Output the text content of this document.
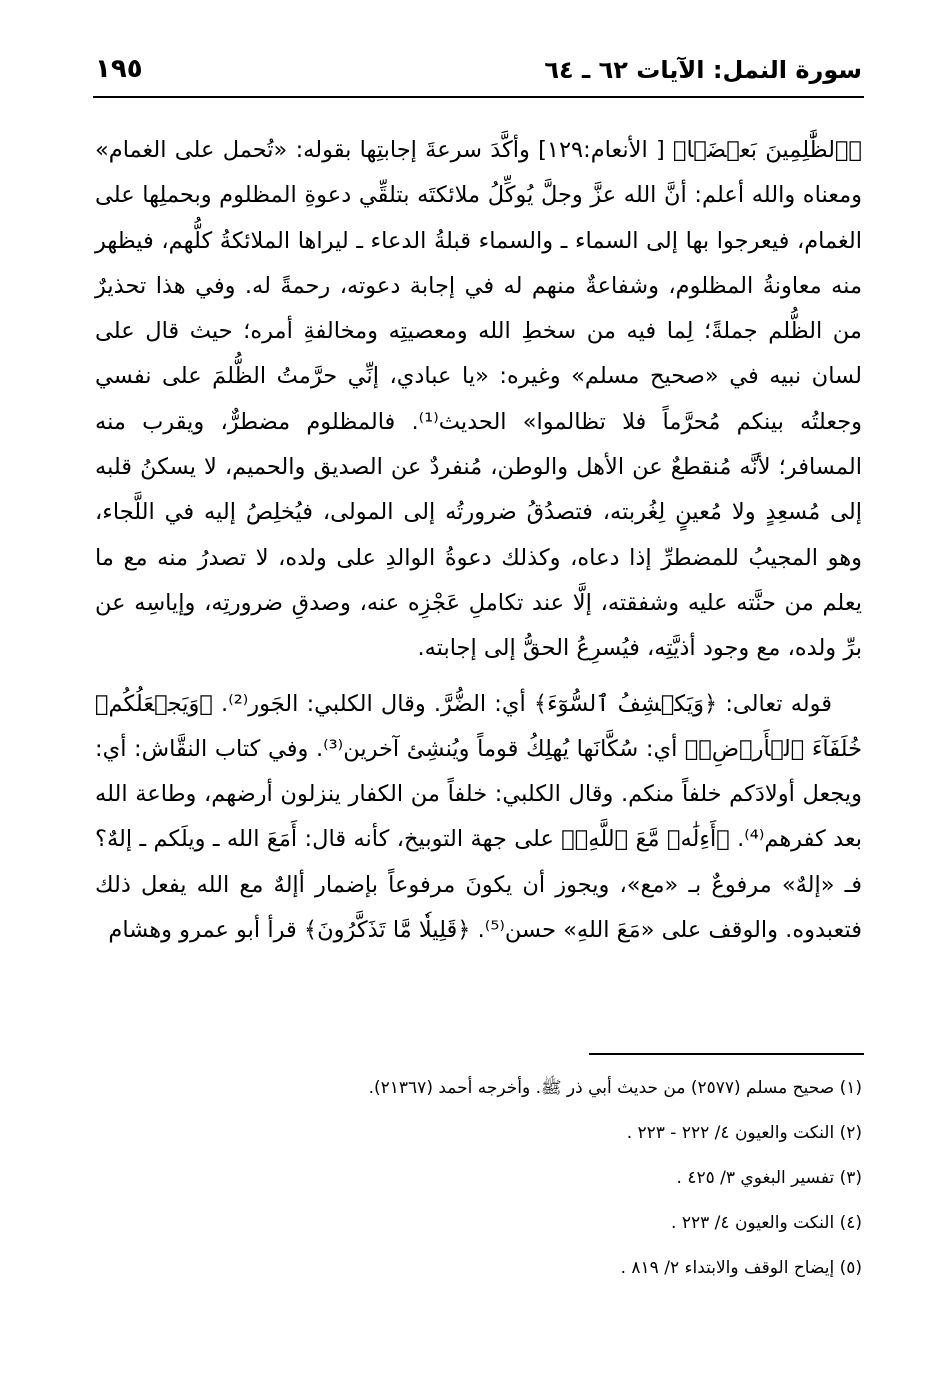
سورة النمل: الآيات ٦٢ ـ ٦٤
١٩٥

﴿ٱلظَّٰلِمِينَ بَعۡضَۢا﴾ [ الأنعام:١٢٩] وأكَّدَ سرعةَ إجابتِها بقوله: «تُحمل على الغمام» ومعناه والله أعلم: أنَّ الله عزَّ وجلَّ يُوكِّلُ ملائكتَه بتلقِّي دعوةِ المظلوم وبحملِها على الغمام، فيعرجوا بها إلى السماء ـ والسماء قبلةُ الدعاء ـ ليراها الملائكةُ كلُّهم، فيظهر منه معاونةُ المظلوم، وشفاعةٌ منهم له في إجابة دعوته، رحمةً له. وفي هذا تحذيرٌ من الظُّلم جملةً؛ لِما فيه من سخطِ الله ومعصيتِه ومخالفةِ أمره؛ حيث قال على لسان نبيه في «صحيح مسلم» وغيره: «يا عبادي، إنِّي حرَّمتُ الظُّلمَ على نفسي وجعلتُه بينكم مُحرَّماً فلا تظالموا» الحديث⁽¹⁾. فالمظلوم مضطرٌّ، ويقرب منه المسافر؛ لأنَّه مُنقطعٌ عن الأهل والوطن، مُنفردٌ عن الصديق والحميم، لا يسكنُ قلبه إلى مُسعِدٍ ولا مُعينٍ لِغُربته، فتصدُقُ ضرورتُه إلى المولى، فيُخلِصُ إليه في اللَّجاء، وهو المجيبُ للمضطرِّ إذا دعاه، وكذلك دعوةُ الوالدِ على ولده، لا تصدرُ منه مع ما يعلم من حنَّته عليه وشفقته، إلَّا عند تكاملِ عَجْزِه عنه، وصدقِ ضرورتِه، وإياسِه عن برِّ ولده، مع وجود أذيَّتِه، فيُسرِعُ الحقُّ إلى إجابته.

قوله تعالى: ﴿وَيَكۡشِفُ ٱلسُّوٓءَ﴾ أي: الضُّرَّ. وقال الكلبي: الجَور⁽²⁾. ﴿وَيَجۡعَلُكُمۡ خُلَفَآءَ ٱلۡأَرۡضِۗ﴾ أي: سُكَّانَها يُهلِكُ قوماً ويُنشِئ آخرين⁽³⁾. وفي كتاب النقَّاش: أي: ويجعل أولادَكم خلفاً منكم. وقال الكلبي: خلفاً من الكفار ينزلون أرضهم، وطاعة الله بعد كفرهم⁽⁴⁾. ﴿أَءِلَٰهٞ مَّعَ ٱللَّهِۚ﴾ على جهة التوبيخ، كأنه قال: أَمَعَ الله ـ ويلَكم ـ إلهٌ؟ فـ «إلهٌ» مرفوعٌ بـ «مع»، ويجوز أن يكونَ مرفوعاً بإضمار أإلهٌ مع الله يفعل ذلك فتعبدوه. والوقف على «مَعَ اللهِ» حسن⁽⁵⁾. ﴿قَلِيلٗا مَّا تَذَكَّرُونَ﴾ قرأ أبو عمرو وهشام

(١) صحيح مسلم (٢٥٧٧) من حديث أبي ذر ﷺ. وأخرجه أحمد (٢١٣٦٧).
(٢) النكت والعيون ٤/ ٢٢٢ - ٢٢٣ .
(٣) تفسير البغوي ٣/ ٤٢٥ .
(٤) النكت والعيون ٤/ ٢٢٣ .
(٥) إيضاح الوقف والابتداء ٢/ ٨١٩ .
